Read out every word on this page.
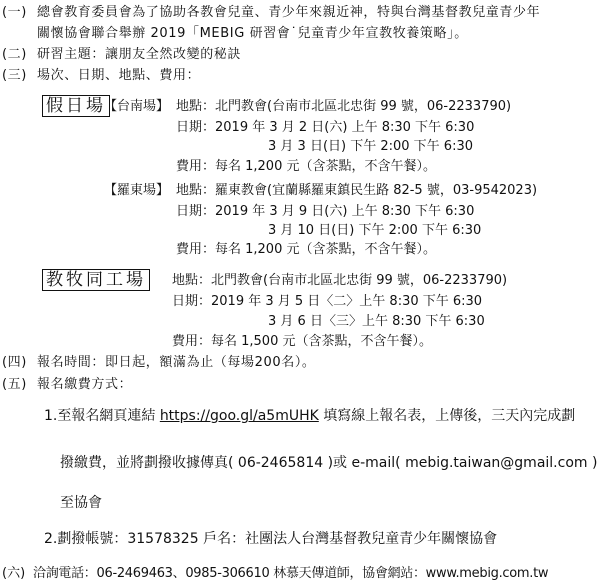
(一) 總會教育委員會為了協助各教會兒童、青少年來親近神，特與台灣基督教兒童青少年
關懷協會聯合舉辦 2019「MEBIG 研習會˙兒童青少年宣教牧養策略」。
(二) 研習主題：讓朋友全然改變的秘訣
(三) 場次、日期、地點、費用：
假日場
【台南場】 地點：北門教會(台南市北區北忠街 99 號，06-2233790)
日期：2019 年 3 月 2 日(六) 上午 8:30 下午 6:30
3 月 3 日(日) 下午 2:00 下午 6:30
費用：每名 1,200 元（含茶點，不含午餐）。
【羅東場】 地點：羅東教會(宜蘭縣羅東鎮民生路 82-5 號，03-9542023)
日期：2019 年 3 月 9 日(六) 上午 8:30 下午 6:30
3 月 10 日(日) 下午 2:00 下午 6:30
費用：每名 1,200 元（含茶點，不含午餐）。
教牧同工場	地點：北門教會(台南市北區北忠街 99 號，06-2233790)
日期：2019 年 3 月 5 日〈二〉上午 8:30 下午 6:30
3 月 6 日〈三〉上午 8:30 下午 6:30
費用：每名 1,500 元（含茶點，不含午餐）。
(四) 報名時間：即日起，額滿為止（每場200名）。
(五) 報名繳費方式：
1.至報名網頁連結 https://goo.gl/a5mUHK 填寫線上報名表，上傳後，三天內完成劃
撥繳費，並將劃撥收據傳真( 06-2465814 )或 e-mail( mebig.taiwan@gmail.com )
至協會
2.劃撥帳號：31578325 戶名：社團法人台灣基督教兒童青少年關懷協會
(六) 洽詢電話：06-2469463、0985-306610 林慕天傳道師，協會網站：www.mebig.com.tw
